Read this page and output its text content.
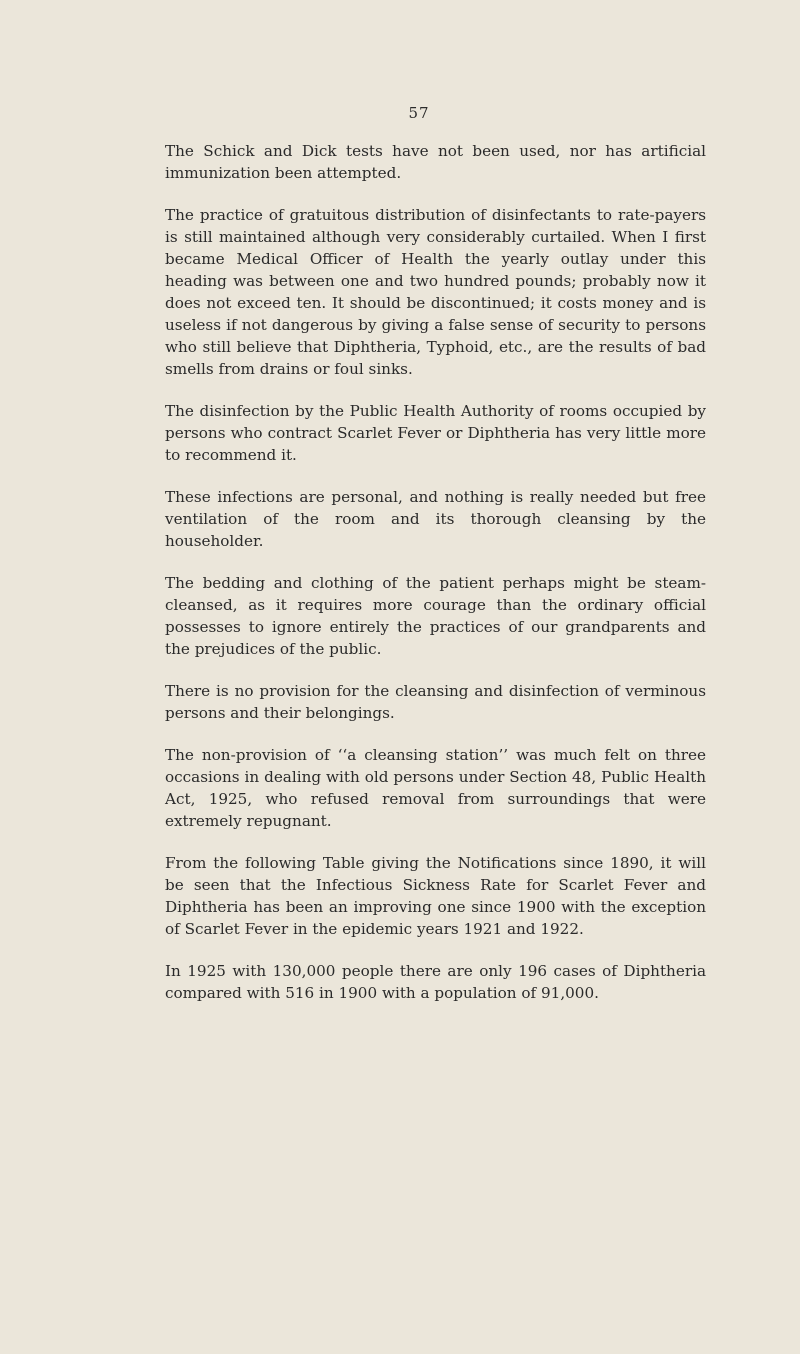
57

The Schick and Dick tests have not been used, nor has artificial immunization been attempted.

The practice of gratuitous distribution of disinfectants to rate-payers is still maintained although very considerably curtailed. When I first became Medical Officer of Health the yearly outlay under this heading was between one and two hundred pounds; probably now it does not exceed ten. It should be discontinued; it costs money and is useless if not dangerous by giving a false sense of security to persons who still believe that Diphtheria, Typhoid, etc., are the results of bad smells from drains or foul sinks.

The disinfection by the Public Health Authority of rooms occupied by persons who contract Scarlet Fever or Diphtheria has very little more to recommend it.

These infections are personal, and nothing is really needed but free ventilation of the room and its thorough cleansing by the householder.

The bedding and clothing of the patient perhaps might be steam-cleansed, as it requires more courage than the ordinary official possesses to ignore entirely the practices of our grandparents and the prejudices of the public.

There is no provision for the cleansing and disinfection of verminous persons and their belongings.

The non-provision of ‘‘a cleansing station’’ was much felt on three occasions in dealing with old persons under Section 48, Public Health Act, 1925, who refused removal from surroundings that were extremely repugnant.

From the following Table giving the Notifications since 1890, it will be seen that the Infectious Sickness Rate for Scarlet Fever and Diphtheria has been an improving one since 1900 with the exception of Scarlet Fever in the epidemic years 1921 and 1922.

In 1925 with 130,000 people there are only 196 cases of Diphtheria compared with 516 in 1900 with a population of 91,000.
